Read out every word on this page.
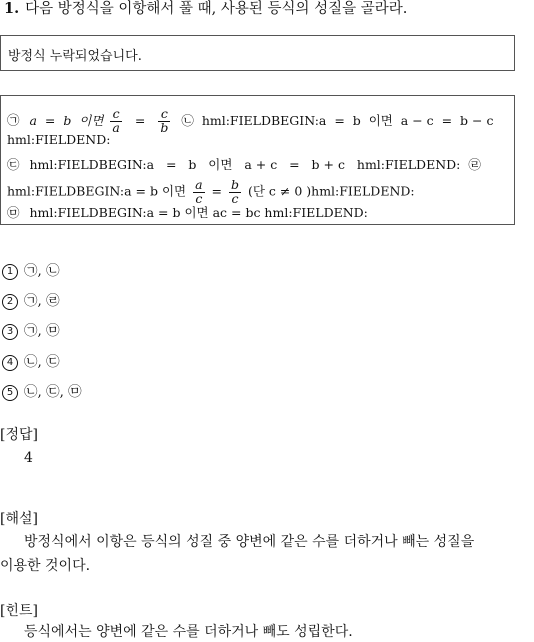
1. 다음 방정식을 이항해서 풀 때, 사용된 등식의 성질을 골라라.
방정식 누락되었습니다.
㉠ a  =  b  이면 $\frac{c}{a} = \frac{c}{b}$ ㉡ hml:FIELDBEGIN:a  =  b  이면  a − c  =  b − c
hml:FIELDEND:
㉢ hml:FIELDBEGIN:a   =   b   이면   a + c   =   b + c   hml:FIELDEND: ㉣
hml:FIELDBEGIN:a = b 이면 $\frac{a}{c} = \frac{b}{c}$ (단 c ≠ 0 )hml:FIELDEND:
㉤ hml:FIELDBEGIN:a = b 이면 ac = bc hml:FIELDEND:
1 ㉠, ㉡
2 ㉠, ㉣
3 ㉠, ㉤
4 ㉡, ㉢
5 ㉡, ㉢, ㉤
[정답]
4
[해설]
방정식에서 이항은 등식의 성질 중 양변에 같은 수를 더하거나 빼는 성질을
이용한 것이다.
[힌트]
등식에서는 양변에 같은 수를 더하거나 빼도 성립한다.
